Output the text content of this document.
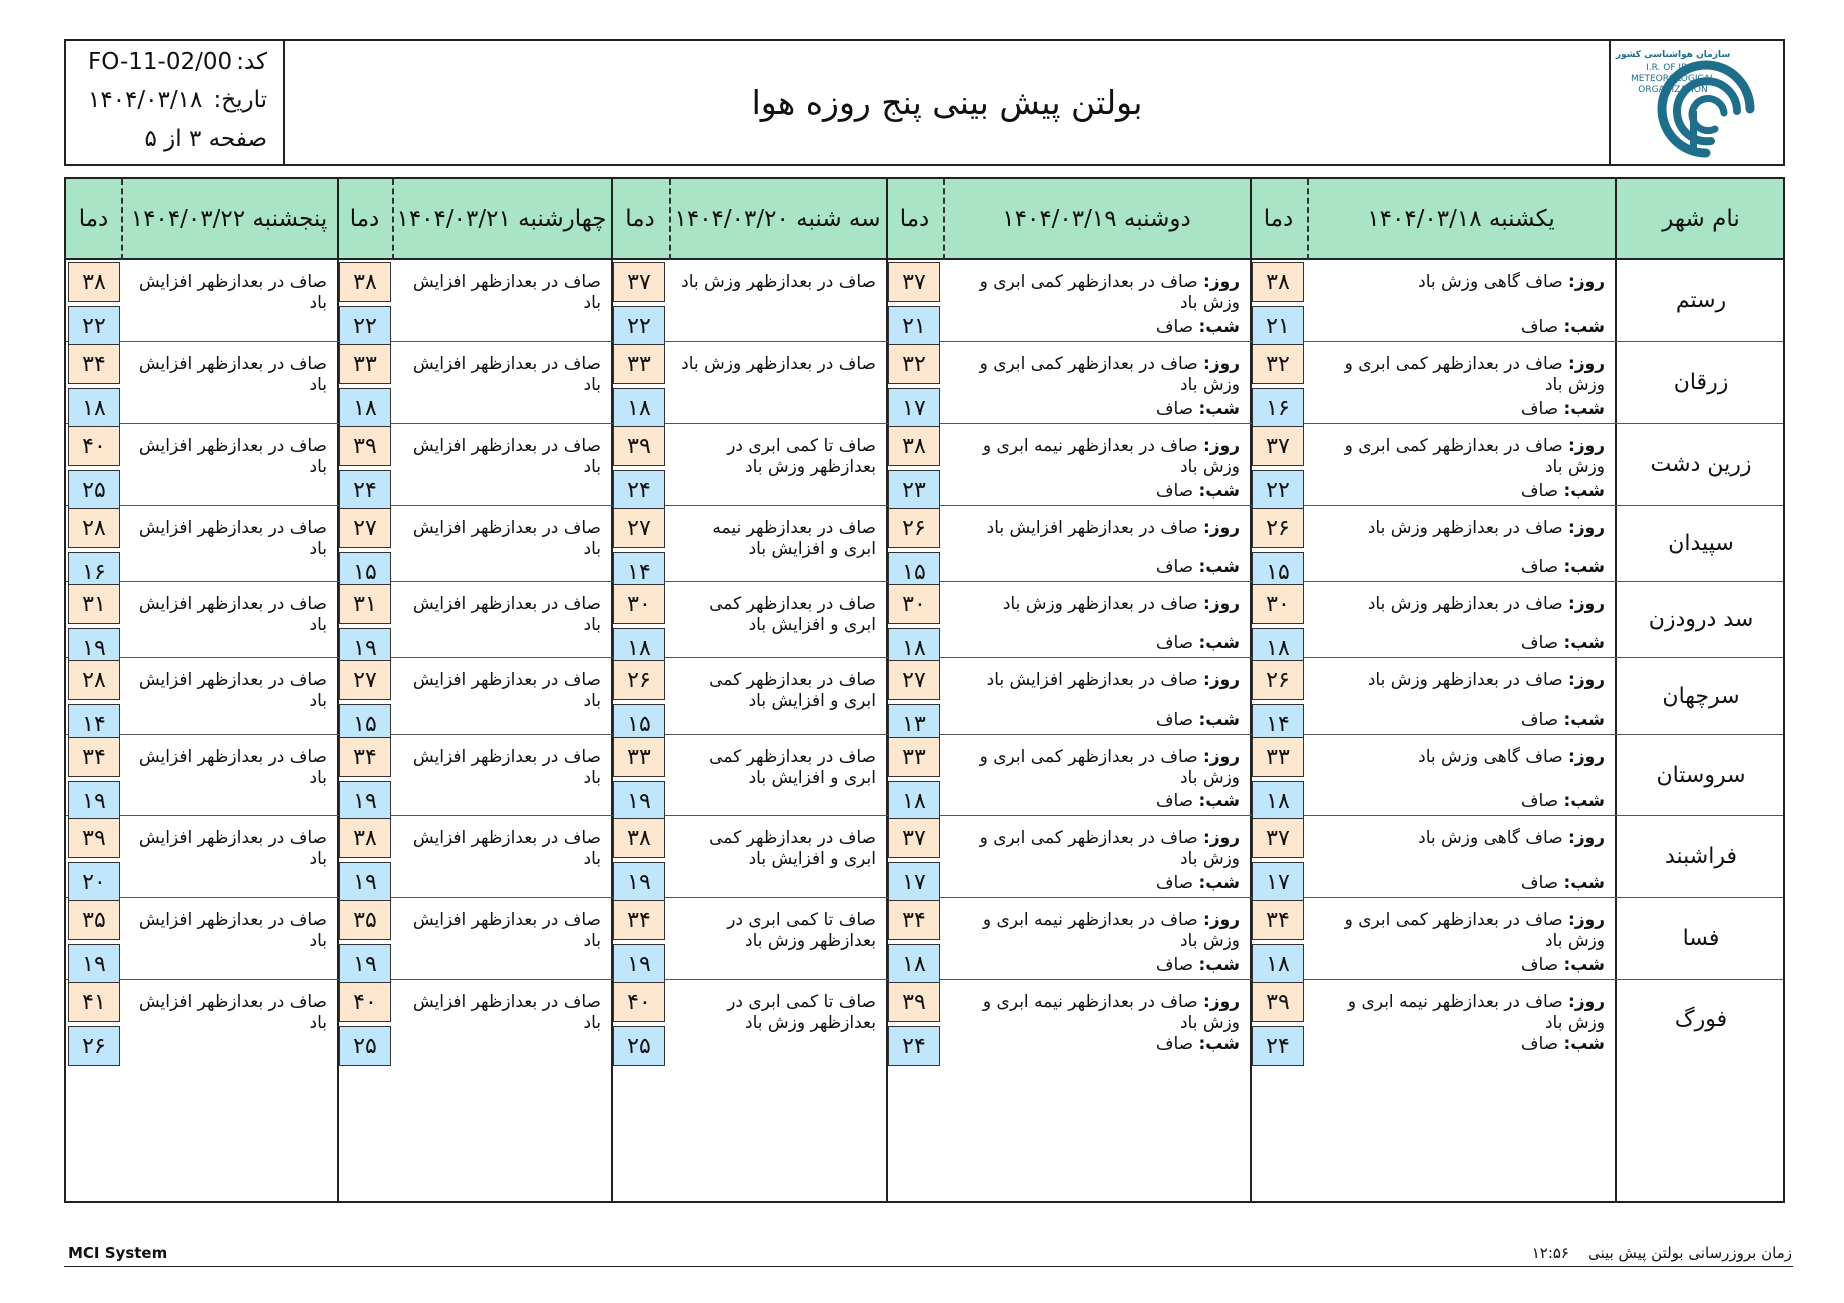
کد:
FO-11-02/00
تاریخ:
۱۴۰۴/۰۳/۱۸
صفحه ۳ از ۵
بولتن پیش بینی پنج روزه هوا
سازمان هواشناسی کشور
I.R. OF IRAN
METEOROLOGICAL
ORGANIZATION
نام شهر
یکشنبه ۱۴۰۴/۰۳/۱۸
دما
دوشنبه ۱۴۰۴/۰۳/۱۹
دما
سه شنبه ۱۴۰۴/۰۳/۲۰
دما
چهارشنبه ۱۴۰۴/۰۳/۲۱
دما
پنجشنبه ۱۴۰۴/۰۳/۲۲
دما
رستم
روز: صاف گاهی وزش باد
شب: صاف
۳۸
۲۱
روز: صاف در بعدازظهر کمی ابری و وزش باد
شب: صاف
۳۷
۲۱
صاف در بعدازظهر وزش باد
۳۷
۲۲
صاف در بعدازظهر افزایش باد
۳۸
۲۲
صاف در بعدازظهر افزایش باد
۳۸
۲۲
زرقان
روز: صاف در بعدازظهر کمی ابری و وزش باد
شب: صاف
۳۲
۱۶
روز: صاف در بعدازظهر کمی ابری و وزش باد
شب: صاف
۳۲
۱۷
صاف در بعدازظهر وزش باد
۳۳
۱۸
صاف در بعدازظهر افزایش باد
۳۳
۱۸
صاف در بعدازظهر افزایش باد
۳۴
۱۸
زرین دشت
روز: صاف در بعدازظهر کمی ابری و وزش باد
شب: صاف
۳۷
۲۲
روز: صاف در بعدازظهر نیمه ابری و وزش باد
شب: صاف
۳۸
۲۳
صاف تا کمی ابری در بعدازظهر وزش باد
۳۹
۲۴
صاف در بعدازظهر افزایش باد
۳۹
۲۴
صاف در بعدازظهر افزایش باد
۴۰
۲۵
سپیدان
روز: صاف در بعدازظهر وزش باد
شب: صاف
۲۶
۱۵
روز: صاف در بعدازظهر افزایش باد
شب: صاف
۲۶
۱۵
صاف در بعدازظهر نیمه ابری و افزایش باد
۲۷
۱۴
صاف در بعدازظهر افزایش باد
۲۷
۱۵
صاف در بعدازظهر افزایش باد
۲۸
۱۶
سد درودزن
روز: صاف در بعدازظهر وزش باد
شب: صاف
۳۰
۱۸
روز: صاف در بعدازظهر وزش باد
شب: صاف
۳۰
۱۸
صاف در بعدازظهر کمی ابری و افزایش باد
۳۰
۱۸
صاف در بعدازظهر افزایش باد
۳۱
۱۹
صاف در بعدازظهر افزایش باد
۳۱
۱۹
سرچهان
روز: صاف در بعدازظهر وزش باد
شب: صاف
۲۶
۱۴
روز: صاف در بعدازظهر افزایش باد
شب: صاف
۲۷
۱۳
صاف در بعدازظهر کمی ابری و افزایش باد
۲۶
۱۵
صاف در بعدازظهر افزایش باد
۲۷
۱۵
صاف در بعدازظهر افزایش باد
۲۸
۱۴
سروستان
روز: صاف گاهی وزش باد
شب: صاف
۳۳
۱۸
روز: صاف در بعدازظهر کمی ابری و وزش باد
شب: صاف
۳۳
۱۸
صاف در بعدازظهر کمی ابری و افزایش باد
۳۳
۱۹
صاف در بعدازظهر افزایش باد
۳۴
۱۹
صاف در بعدازظهر افزایش باد
۳۴
۱۹
فراشبند
روز: صاف گاهی وزش باد
شب: صاف
۳۷
۱۷
روز: صاف در بعدازظهر کمی ابری و وزش باد
شب: صاف
۳۷
۱۷
صاف در بعدازظهر کمی ابری و افزایش باد
۳۸
۱۹
صاف در بعدازظهر افزایش باد
۳۸
۱۹
صاف در بعدازظهر افزایش باد
۳۹
۲۰
فسا
روز: صاف در بعدازظهر کمی ابری و وزش باد
شب: صاف
۳۴
۱۸
روز: صاف در بعدازظهر نیمه ابری و وزش باد
شب: صاف
۳۴
۱۸
صاف تا کمی ابری در بعدازظهر وزش باد
۳۴
۱۹
صاف در بعدازظهر افزایش باد
۳۵
۱۹
صاف در بعدازظهر افزایش باد
۳۵
۱۹
فورگ
روز: صاف در بعدازظهر نیمه ابری و وزش باد
شب: صاف
۳۹
۲۴
روز: صاف در بعدازظهر نیمه ابری و وزش باد
شب: صاف
۳۹
۲۴
صاف تا کمی ابری در بعدازظهر وزش باد
۴۰
۲۵
صاف در بعدازظهر افزایش باد
۴۰
۲۵
صاف در بعدازظهر افزایش باد
۴۱
۲۶
MCI System	زمان بروزرسانی بولتن پیش بینی    ۱۲:۵۶
